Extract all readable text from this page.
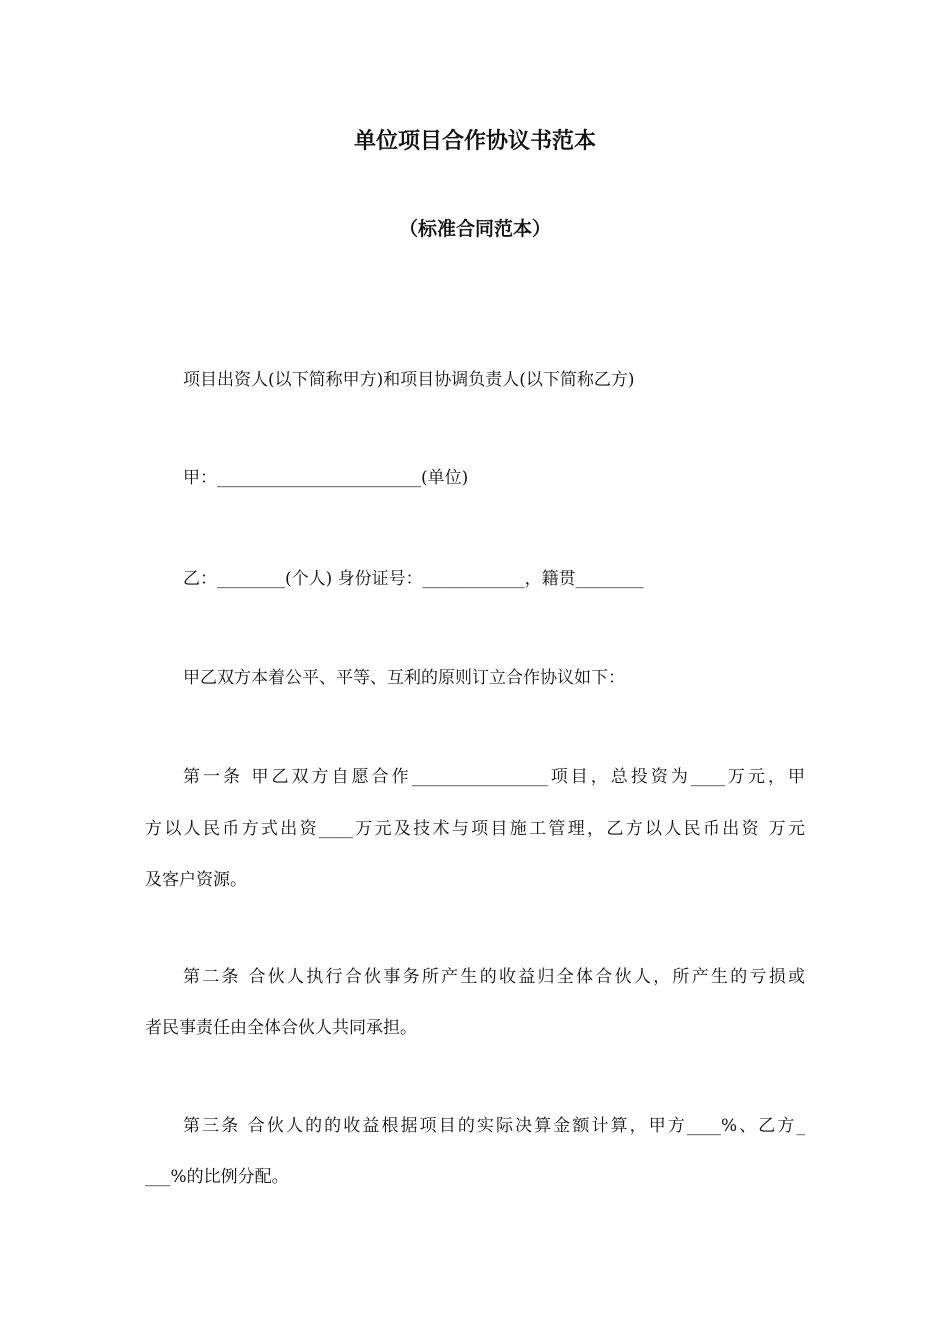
单位项目合作协议书范本
（标准合同范本）
项目出资人(以下简称甲方)和项目协调负责人(以下简称乙方)
甲：________________________(单位)
乙：________(个人) 身份证号：____________，籍贯________
甲乙双方本着公平、平等、互利的原则订立合作协议如下：
第一条 甲乙双方自愿合作________________项目，总投资为____万元，甲
方以人民币方式出资____万元及技术与项目施工管理，乙方以人民币出资 万元
及客户资源。
第二条 合伙人执行合伙事务所产生的收益归全体合伙人，所产生的亏损或
者民事责任由全体合伙人共同承担。
第三条 合伙人的的收益根据项目的实际决算金额计算，甲方____%、乙方_
___%的比例分配。
